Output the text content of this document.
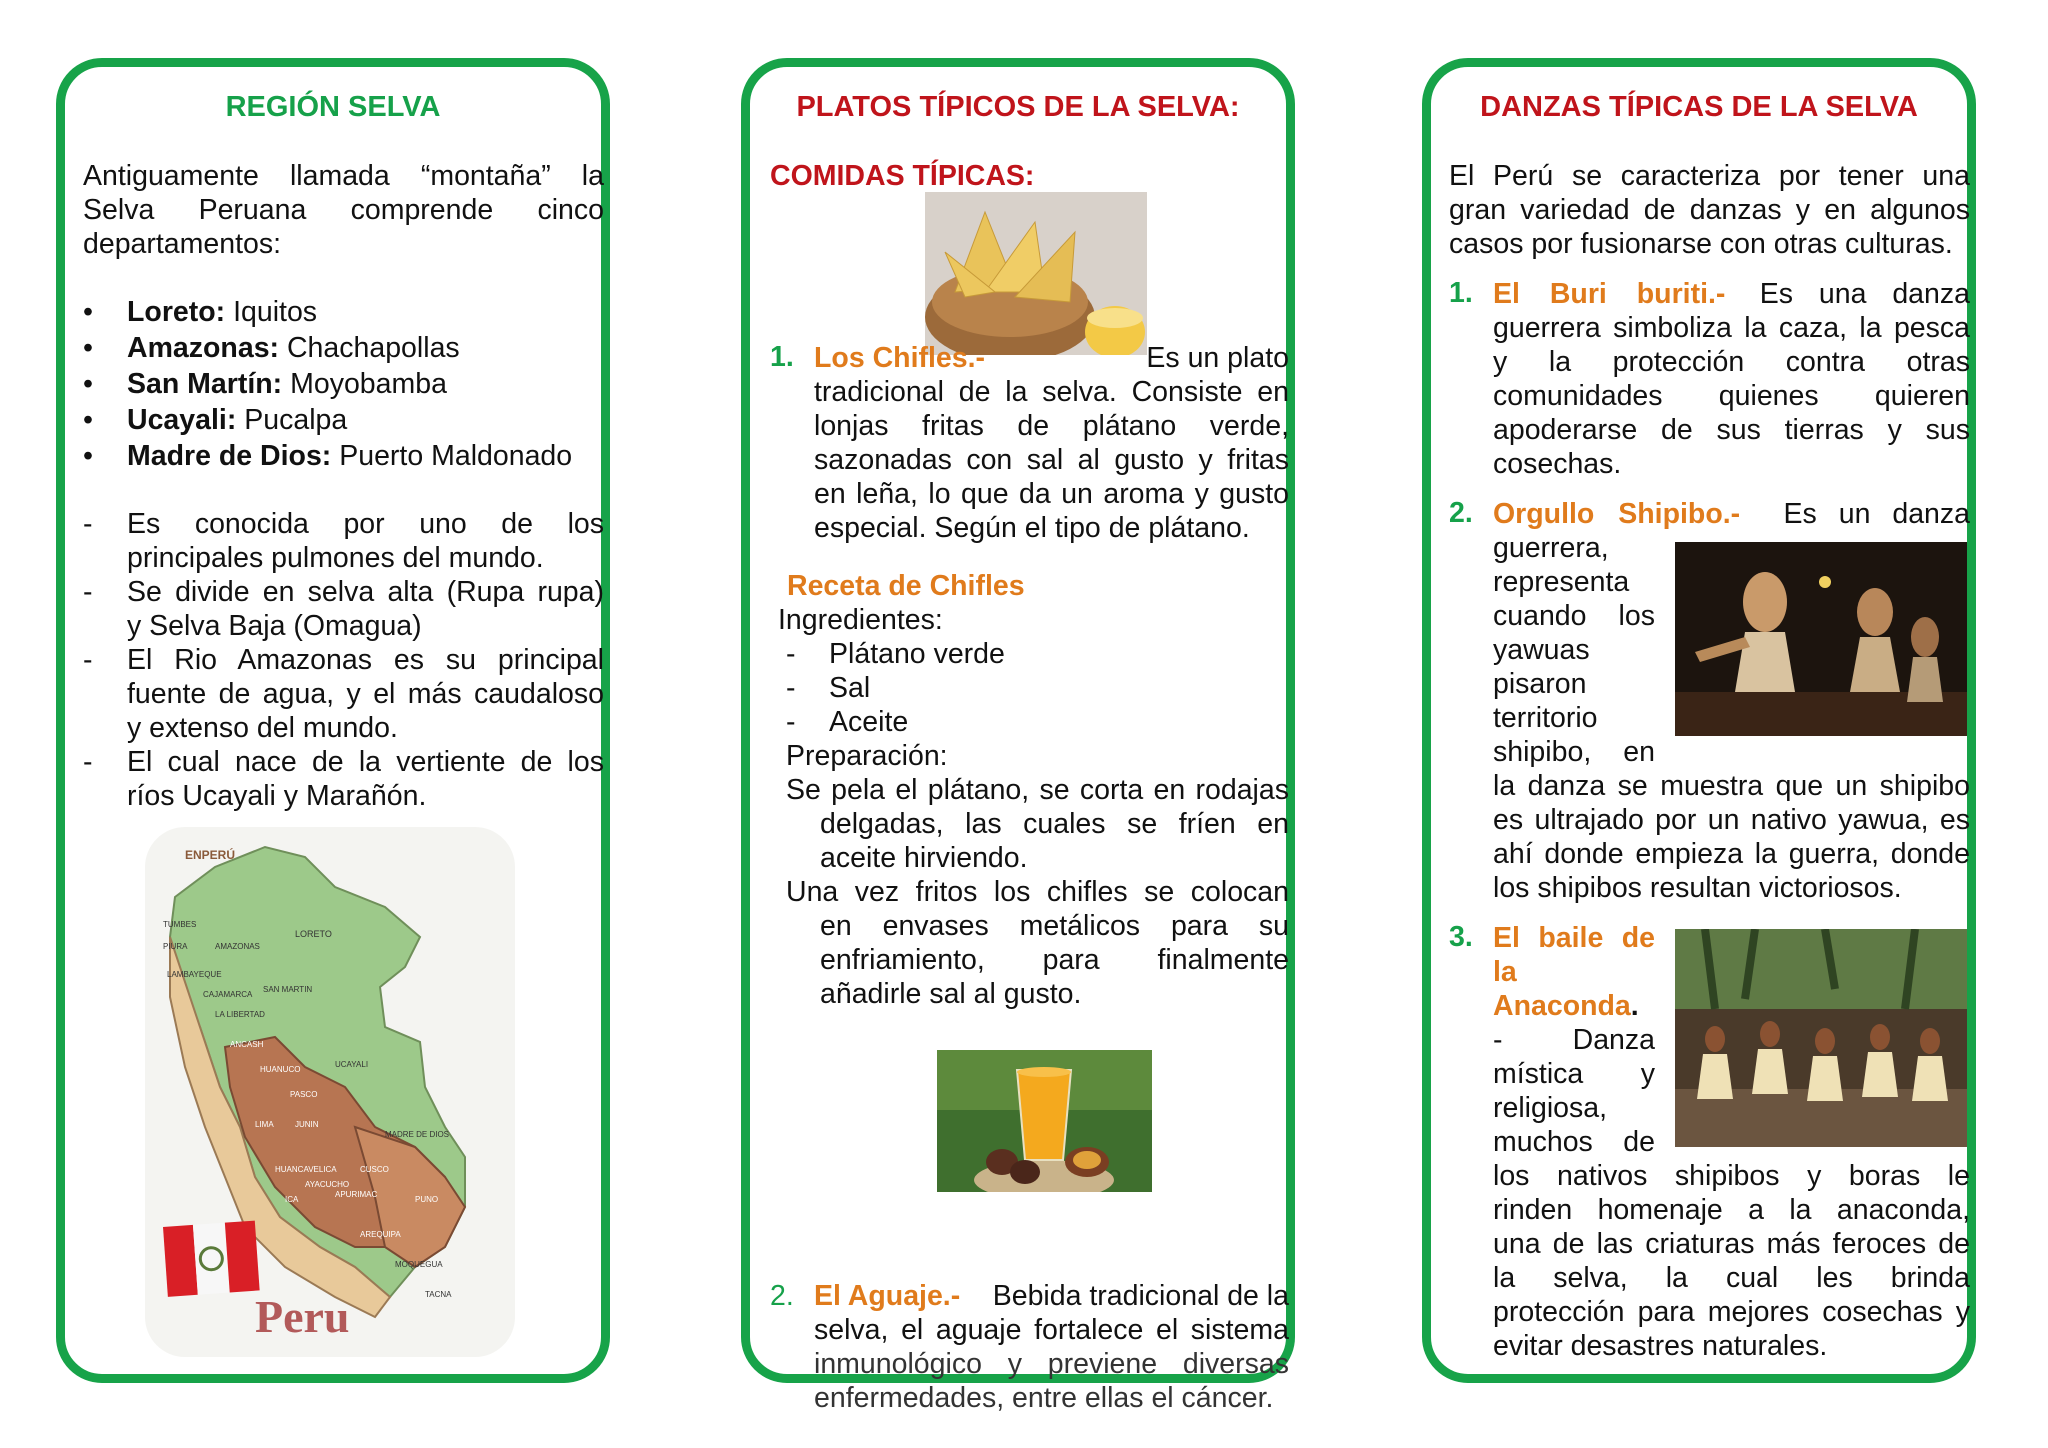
REGIÓN SELVA
Antiguamente llamada “montaña” la
Selva Peruana comprende cinco
departamentos:
• Loreto: Iquitos
• Amazonas: Chachapollas
• San Martín: Moyobamba
• Ucayali: Pucalpa
• Madre de Dios: Puerto Maldonado
- Es conocida por uno de los
principales pulmones del mundo.
- Se divide en selva alta (Rupa rupa)
y Selva Baja (Omagua)
- El Rio Amazonas es su principal
fuente de agua, y el más caudaloso
y extenso del mundo.
- El cual nace de la vertiente de los
ríos Ucayali y Marañón.
ENPERÚ
LORETO
AMAZONAS
PIURA
LAMBAYEQUE
CAJAMARCA
SAN MARTIN
LA LIBERTAD
ANCASH
HUANUCO
UCAYALI
PASCO
LIMA	JUNIN
MADRE DE DIOS
HUANCAVELICA	CUSCO
ICA
AYACUCHO
APURIMAC
PUNO
AREQUIPA
MOQUEGUA
TACNA
TUMBES
Peru
PLATOS TÍPICOS DE LA SELVA:
COMIDAS TÍPICAS:
1. Los Chifles.-	Es un plato
tradicional de la selva. Consiste en
lonjas fritas de plátano verde,
sazonadas con sal al gusto y fritas
en leña, lo que da un aroma y gusto
especial. Según el tipo de plátano.
Receta de Chifles
Ingredientes:
- Plátano verde
- Sal
- Aceite
Preparación:
Se pela el plátano, se corta en rodajas
delgadas, las cuales se fríen en
aceite hirviendo.
Una vez fritos los chifles se colocan
en envases metálicos para su
enfriamiento, para finalmente
añadirle sal al gusto.
2. El Aguaje.- Bebida tradicional de la
selva, el aguaje fortalece el sistema
inmunológico y previene diversas
enfermedades, entre ellas el cáncer.
DANZAS TÍPICAS DE LA SELVA
El Perú se caracteriza por tener una
gran variedad de danzas y en algunos
casos por fusionarse con otras culturas.
1. El Buri buriti.- Es una danza
guerrera simboliza la caza, la pesca
y la protección contra otras
comunidades quienes quieren
apoderarse de sus tierras y sus
cosechas.
2. Orgullo Shipibo.- Es un danza
guerrera,
representa
cuando los
yawuas
pisaron
territorio
shipibo, en
la danza se muestra que un shipibo
es ultrajado por un nativo yawua, es
ahí donde empieza la guerra, donde
los shipibos resultan victoriosos.
3. El baile de
la
Anaconda.
- Danza
mística y
religiosa,
muchos de
los nativos shipibos y boras le
rinden homenaje a la anaconda,
una de las criaturas más feroces de
la selva, la cual les brinda
protección para mejores cosechas y
evitar desastres naturales.
